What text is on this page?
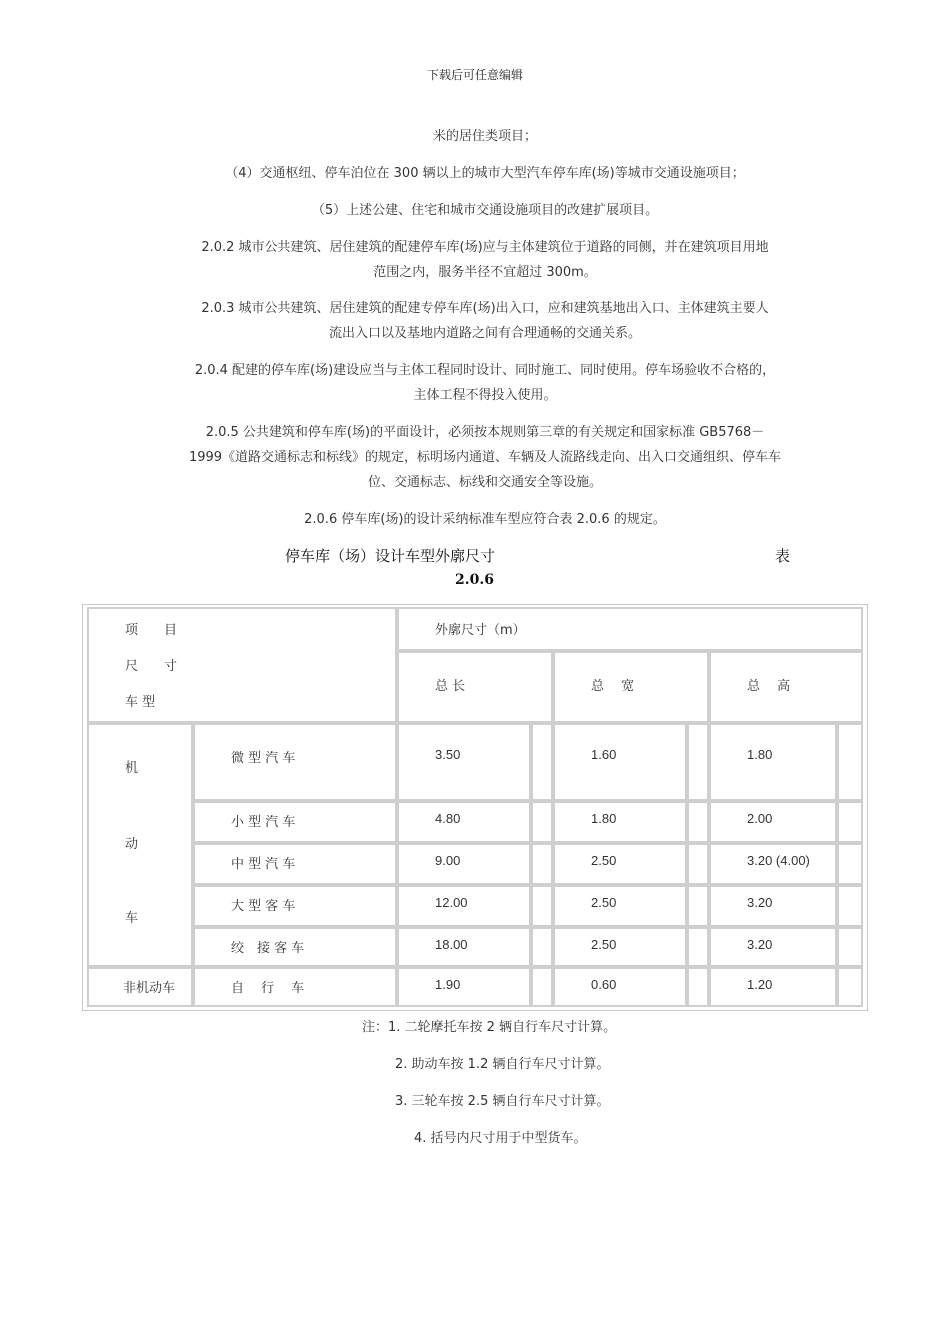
下载后可任意编辑
米的居住类项目；
（4）交通枢纽、停车泊位在 300 辆以上的城市大型汽车停车库(场)等城市交通设施项目；
（5）上述公建、住宅和城市交通设施项目的改建扩展项目。
2.0.2 城市公共建筑、居住建筑的配建停车库(场)应与主体建筑位于道路的同侧，并在建筑项目用地
范围之内，服务半径不宜超过 300m。
2.0.3 城市公共建筑、居住建筑的配建专停车库(场)出入口，应和建筑基地出入口、主体建筑主要人
流出入口以及基地内道路之间有合理通畅的交通关系。
2.0.4 配建的停车库(场)建设应当与主体工程同时设计、同时施工、同时使用。停车场验收不合格的，
主体工程不得投入使用。
2.0.5 公共建筑和停车库(场)的平面设计，必须按本规则第三章的有关规定和国家标准 GB5768－
1999《道路交通标志和标线》的规定，标明场内通道、车辆及人流路线走向、出入口交通组织、停车车
位、交通标志、标线和交通安全等设施。
2.0.6 停车库(场)的设计采纳标准车型应符合表 2.0.6 的规定。
停车库（场）设计车型外廓尺寸	表
2.0.6
项　　目
尺　　寸
车 型
外廓尺寸（m）
总 长	总　 宽	总　 高
机
动
车
微 型 汽 车	3.50	1.60	1.80
小 型 汽 车	4.80	1.80	2.00
中 型 汽 车	9.00	2.50	3.20 (4.00)
大 型 客 车	12.00	2.50	3.20
绞　接 客 车	18.00	2.50	3.20
非机动车	自　 行　 车	1.90	0.60	1.20
注：1. 二轮摩托车按 2 辆自行车尺寸计算。
2. 助动车按 1.2 辆自行车尺寸计算。
3. 三轮车按 2.5 辆自行车尺寸计算。
4. 括号内尺寸用于中型货车。
